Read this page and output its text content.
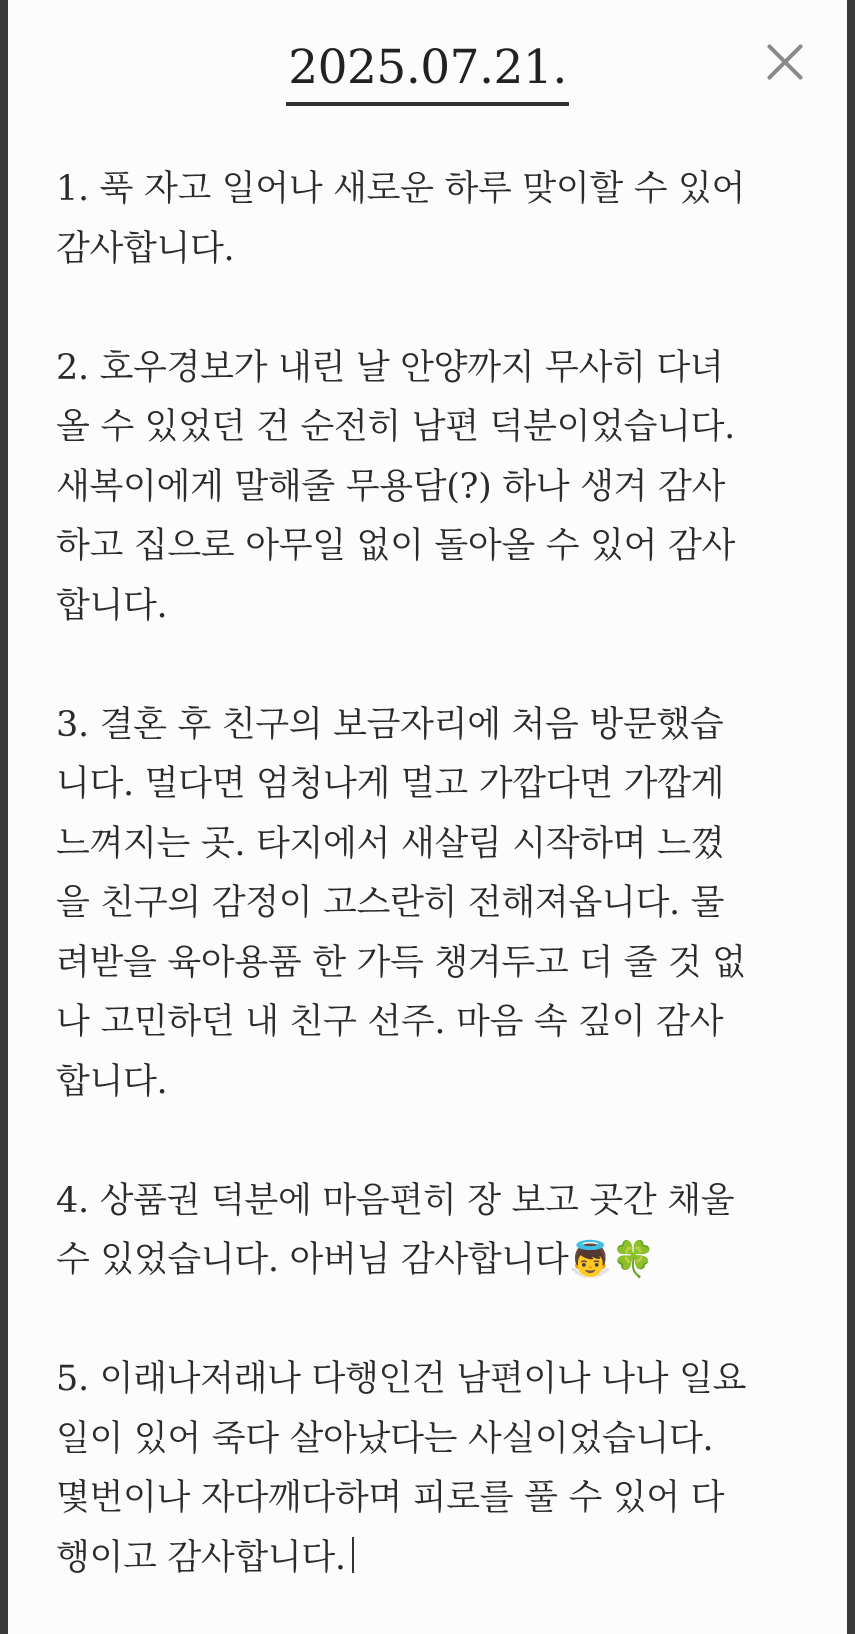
2025.07.21.
1. 푹 자고 일어나 새로운 하루 맞이할 수 있어
감사합니다.
2. 호우경보가 내린 날 안양까지 무사히 다녀
올 수 있었던 건 순전히 남편 덕분이었습니다.
새복이에게 말해줄 무용담(?) 하나 생겨 감사
하고 집으로 아무일 없이 돌아올 수 있어 감사
합니다.
3. 결혼 후 친구의 보금자리에 처음 방문했습
니다. 멀다면 엄청나게 멀고 가깝다면 가깝게
느껴지는 곳. 타지에서 새살림 시작하며 느꼈
을 친구의 감정이 고스란히 전해져옵니다. 물
려받을 육아용품 한 가득 챙겨두고 더 줄 것 없
나 고민하던 내 친구 선주. 마음 속 깊이 감사
합니다.
4. 상품권 덕분에 마음편히 장 보고 곳간 채울
수 있었습니다. 아버님 감사합니다👼🍀
5. 이래나저래나 다행인건 남편이나 나나 일요
일이 있어 죽다 살아났다는 사실이었습니다.
몇번이나 자다깨다하며 피로를 풀 수 있어 다
행이고 감사합니다.
